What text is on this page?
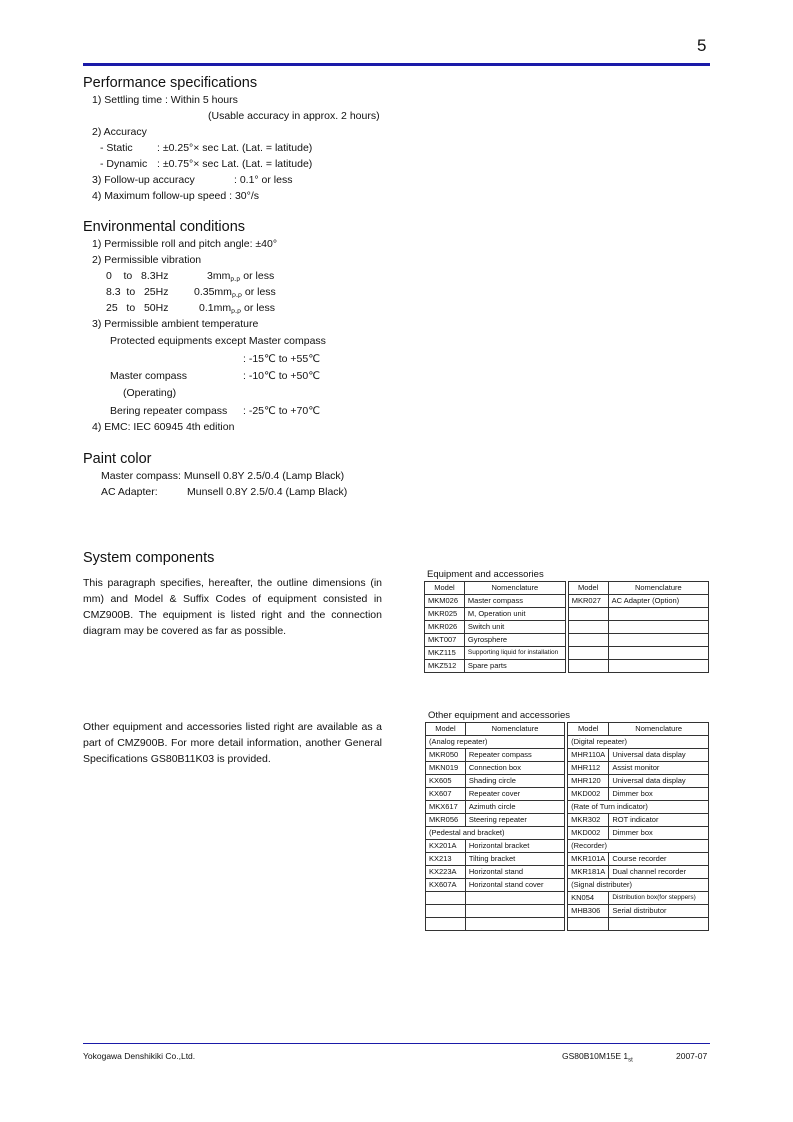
5
Performance specifications
1) Settling time : Within 5 hours
(Usable accuracy in approx. 2 hours)
2) Accuracy
- Static : ±0.25°× sec Lat. (Lat. = latitude)
- Dynamic : ±0.75°× sec Lat. (Lat. = latitude)
3) Follow-up accuracy	: 0.1° or less
4) Maximum follow-up speed : 30°/s
Environmental conditions
1) Permissible roll and pitch angle: ±40°
2) Permissible vibration
0    to   8.3Hz	$3mm_{P-P}$ or less
8.3  to   25Hz $0.35mm_{P-P}$ or less
25   to   50Hz	$0.1mm_{P-P}$ or less
3) Permissible ambient temperature
Protected equipments except Master compass
: -15℃ to +55℃
Master compass	: -10℃ to +50℃
(Operating)
Bering repeater compass : -25℃ to +70℃
4) EMC: IEC 60945 4th edition
Paint color
Master compass: Munsell 0.8Y 2.5/0.4 (Lamp Black)
AC Adapter:	Munsell 0.8Y 2.5/0.4 (Lamp Black)
System components
This paragraph specifies, hereafter, the outline dimensions (in mm) and Model & Suffix Codes of equipment consisted in CMZ900B. The equipment is listed right and the connection diagram may be covered as far as possible.
Other equipment and accessories listed right are available as a part of CMZ900B. For more detail information, another General Specifications GS80B11K03 is provided.
Equipment and accessories
Model	Nomenclature		Model	Nomenclature
MKM026	Master compass		MKR027	AC Adapter (Option)
MKR025	M, Operation unit			
MKR026	Switch unit			
MKT007	Gyrosphere			
MKZ115	Supporting liquid for installation			
MKZ512	Spare parts			
Other equipment and accessories
Model	Nomenclature		Model	Nomenclature
(Analog repeater)			(Digital repeater)	
MKR050	Repeater compass		MHR110A	Universal data display
MKN019	Connection box		MHR112	Assist monitor
KX605	Shading circle		MHR120	Universal data display
KX607	Repeater cover		MKD002	Dimmer box
MKX617	Azimuth circle		(Rate of Turn indicator)	
MKR056	Steering repeater		MKR302	ROT indicator
(Pedestal and bracket)			MKD002	Dimmer box
KX201A	Horizontal bracket		(Recorder)	
KX213	Tilting bracket		MKR101A	Course recorder
KX223A	Horizontal stand		MKR181A	Dual channel recorder
KX607A	Horizontal stand cover		(Signal distributer)	
			KN054	Distribution box(for steppers)
			MHB306	Serial distributor

Yokogawa Denshikiki Co.,Ltd.	GS80B10M15E $1_{st}$	2007-07
